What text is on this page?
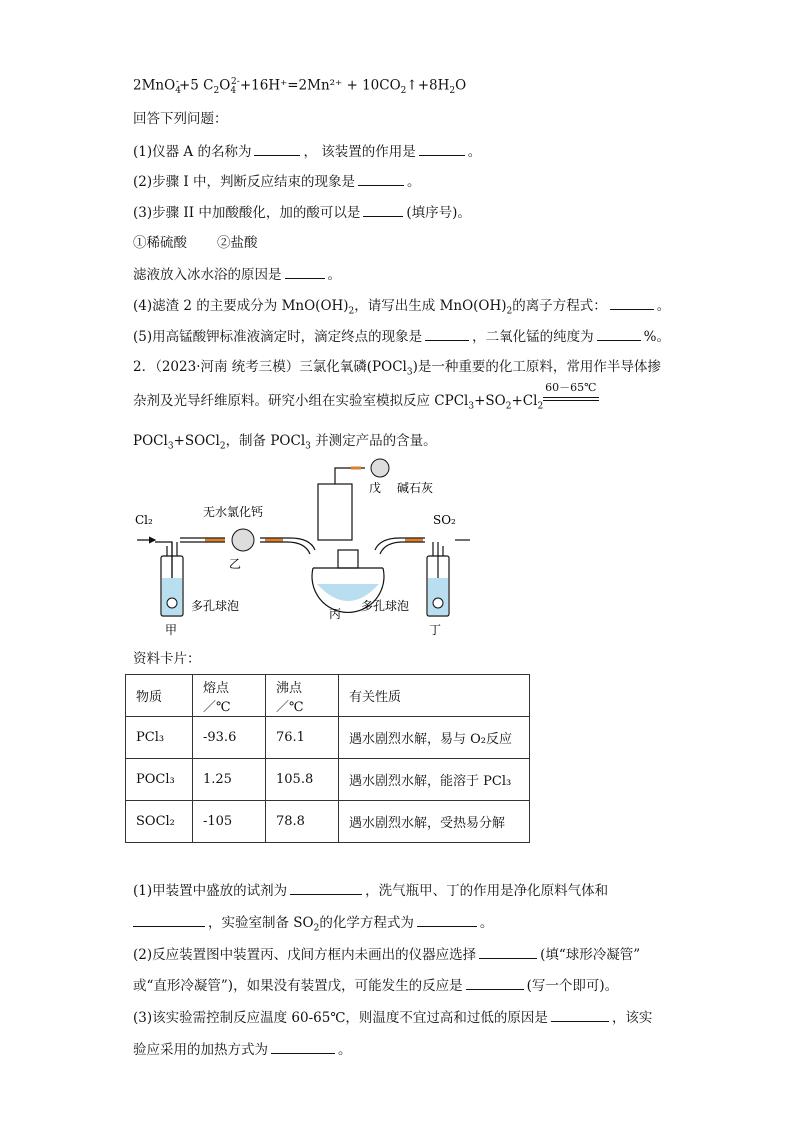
2MnO$_4$-+5 $C_2O_4^{2-}+16H^+=2Mn^{2+}$ + $10CO_2↑+8H_2O$
回答下列问题：
(1)仪器 A 的名称为	， 该装置的作用是	。
(2)步骤 I 中，判断反应结束的现象是	。
(3)步骤 II 中加酸酸化，加的酸可以是	(填序号)。
①稀硫酸 ②盐酸
滤液放入冰水浴的原因是	。
(4)滤渣 2 的主要成分为 $MnO(OH)_2$，请写出生成 $MnO(OH)_2$的离子方程式：	。
(5)用高锰酸钾标准液滴定时，滴定终点的现象是	，二氧化锰的纯度为	%。
2．（2023·河南 统考三模）三氯化氧磷(POCl$_3$)是一种重要的化工原料，常用作半导体掺
杂剂及光导纤维原料。研究小组在实验室模拟反应 $CPCl_3+SO_2+Cl_2$
60－65℃
POCl$_3$+SOCl$_2$，制备 POCl$_3$ 并测定产品的含量。
Cl₂	SO₂
无水氯化钙
乙
戊 碱石灰
多孔球泡	多孔球泡
甲
丙
丁
资料卡片：
物质	熔点／℃	沸点／℃	有关性质
PCl₃	-93.6	76.1	遇水剧烈水解，易与 O₂反应
POCl₃	1.25	105.8	遇水剧烈水解，能溶于 PCl₃
SOCl₂	-105	78.8	遇水剧烈水解，受热易分解
(1)甲装置中盛放的试剂为	，洗气瓶甲、丁的作用是净化原料气体和
，实验室制备 $SO_2$的化学方程式为	。
(2)反应装置图中装置丙、戊间方框内未画出的仪器应选择	(填“球形冷凝管”
或“直形冷凝管”)，如果没有装置戊，可能发生的反应是	(写一个即可)。
(3)该实验需控制反应温度 60-65℃，则温度不宜过高和过低的原因是	，该实
验应采用的加热方式为	。
